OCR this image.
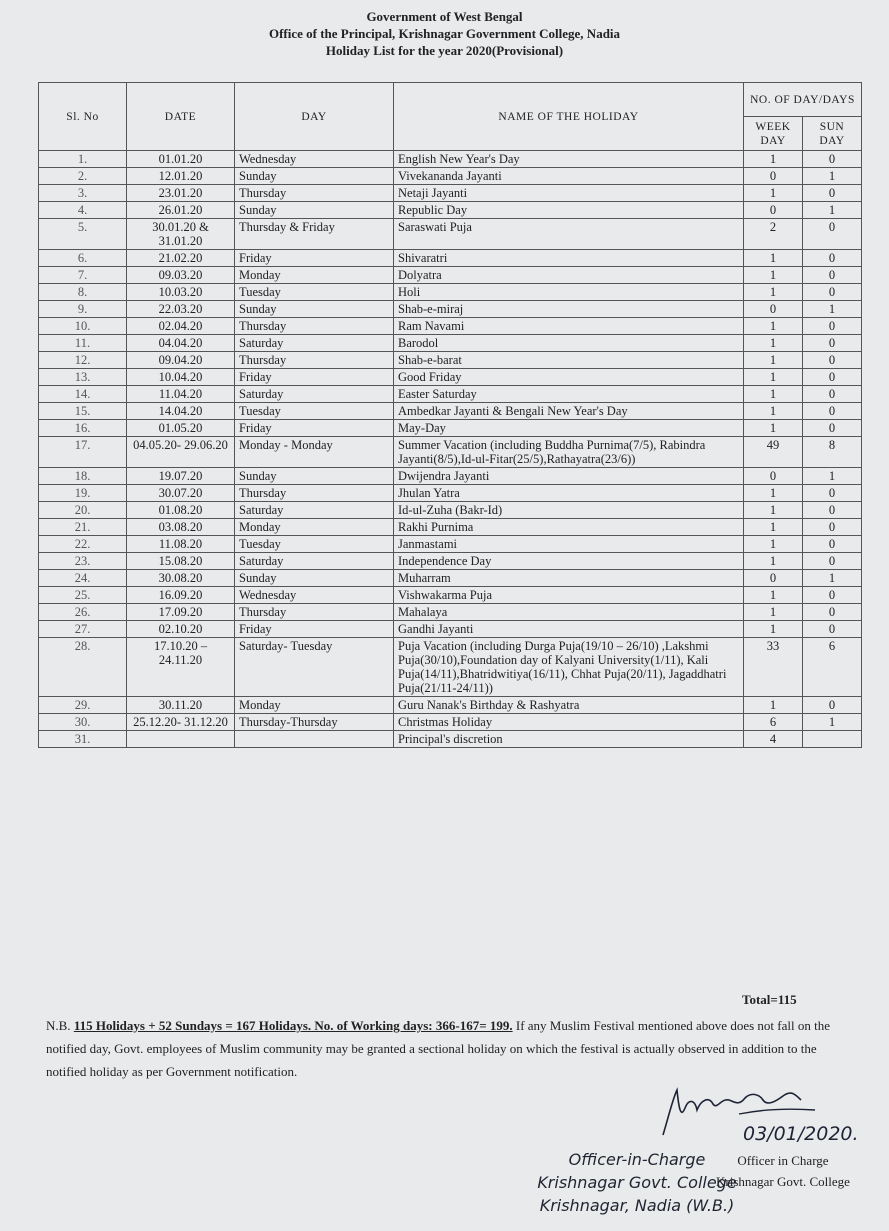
Government of West Bengal
Office of the Principal, Krishnagar Government College, Nadia
Holiday List for the year 2020(Provisional)
Sl. No	DATE	DAY	NAME OF THE HOLIDAY	NO. OF DAY/DAYS	
				WEEK DAY	SUN DAY
1.	01.01.20	Wednesday	English New Year's Day	1	0
2.	12.01.20	Sunday	Vivekananda Jayanti	0	1
3.	23.01.20	Thursday	Netaji Jayanti	1	0
4.	26.01.20	Sunday	Republic Day	0	1
5.	30.01.20 & 31.01.20	Thursday & Friday	Saraswati Puja	2	0
6.	21.02.20	Friday	Shivaratri	1	0
7.	09.03.20	Monday	Dolyatra	1	0
8.	10.03.20	Tuesday	Holi	1	0
9.	22.03.20	Sunday	Shab-e-miraj	0	1
10.	02.04.20	Thursday	Ram Navami	1	0
11.	04.04.20	Saturday	Barodol	1	0
12.	09.04.20	Thursday	Shab-e-barat	1	0
13.	10.04.20	Friday	Good Friday	1	0
14.	11.04.20	Saturday	Easter Saturday	1	0
15.	14.04.20	Tuesday	Ambedkar Jayanti & Bengali New Year's Day	1	0
16.	01.05.20	Friday	May-Day	1	0
17.	04.05.20- 29.06.20	Monday - Monday	Summer Vacation (including Buddha Purnima(7/5), Rabindra Jayanti(8/5),Id-ul-Fitar(25/5),Rathayatra(23/6))	49	8
18.	19.07.20	Sunday	Dwijendra Jayanti	0	1
19.	30.07.20	Thursday	Jhulan Yatra	1	0
20.	01.08.20	Saturday	Id-ul-Zuha (Bakr-Id)	1	0
21.	03.08.20	Monday	Rakhi Purnima	1	0
22.	11.08.20	Tuesday	Janmastami	1	0
23.	15.08.20	Saturday	Independence Day	1	0
24.	30.08.20	Sunday	Muharram	0	1
25.	16.09.20	Wednesday	Vishwakarma Puja	1	0
26.	17.09.20	Thursday	Mahalaya	1	0
27.	02.10.20	Friday	Gandhi Jayanti	1	0
28.	17.10.20 – 24.11.20	Saturday- Tuesday	Puja Vacation (including Durga Puja(19/10 – 26/10) ,Lakshmi Puja(30/10),Foundation day of Kalyani University(1/11), Kali Puja(14/11),Bhatridwitiya(16/11), Chhat Puja(20/11), Jagaddhatri Puja(21/11-24/11))	33	6
29.	30.11.20	Monday	Guru Nanak's Birthday & Rashyatra	1	0
30.	25.12.20- 31.12.20	Thursday-Thursday	Christmas Holiday	6	1
31.			Principal's discretion	4	
Total=115
N.B. 115 Holidays + 52 Sundays = 167 Holidays. No. of Working days: 366-167= 199. If any Muslim Festival mentioned above does not fall on the notified day, Govt. employees of Muslim community may be granted a sectional holiday on which the festival is actually observed in addition to the notified holiday as per Government notification.
03/01/2020.
Officer-in-Charge
Krishnagar Govt. College
Krishnagar, Nadia (W.B.)
Officer in Charge
Krishnagar Govt. College
